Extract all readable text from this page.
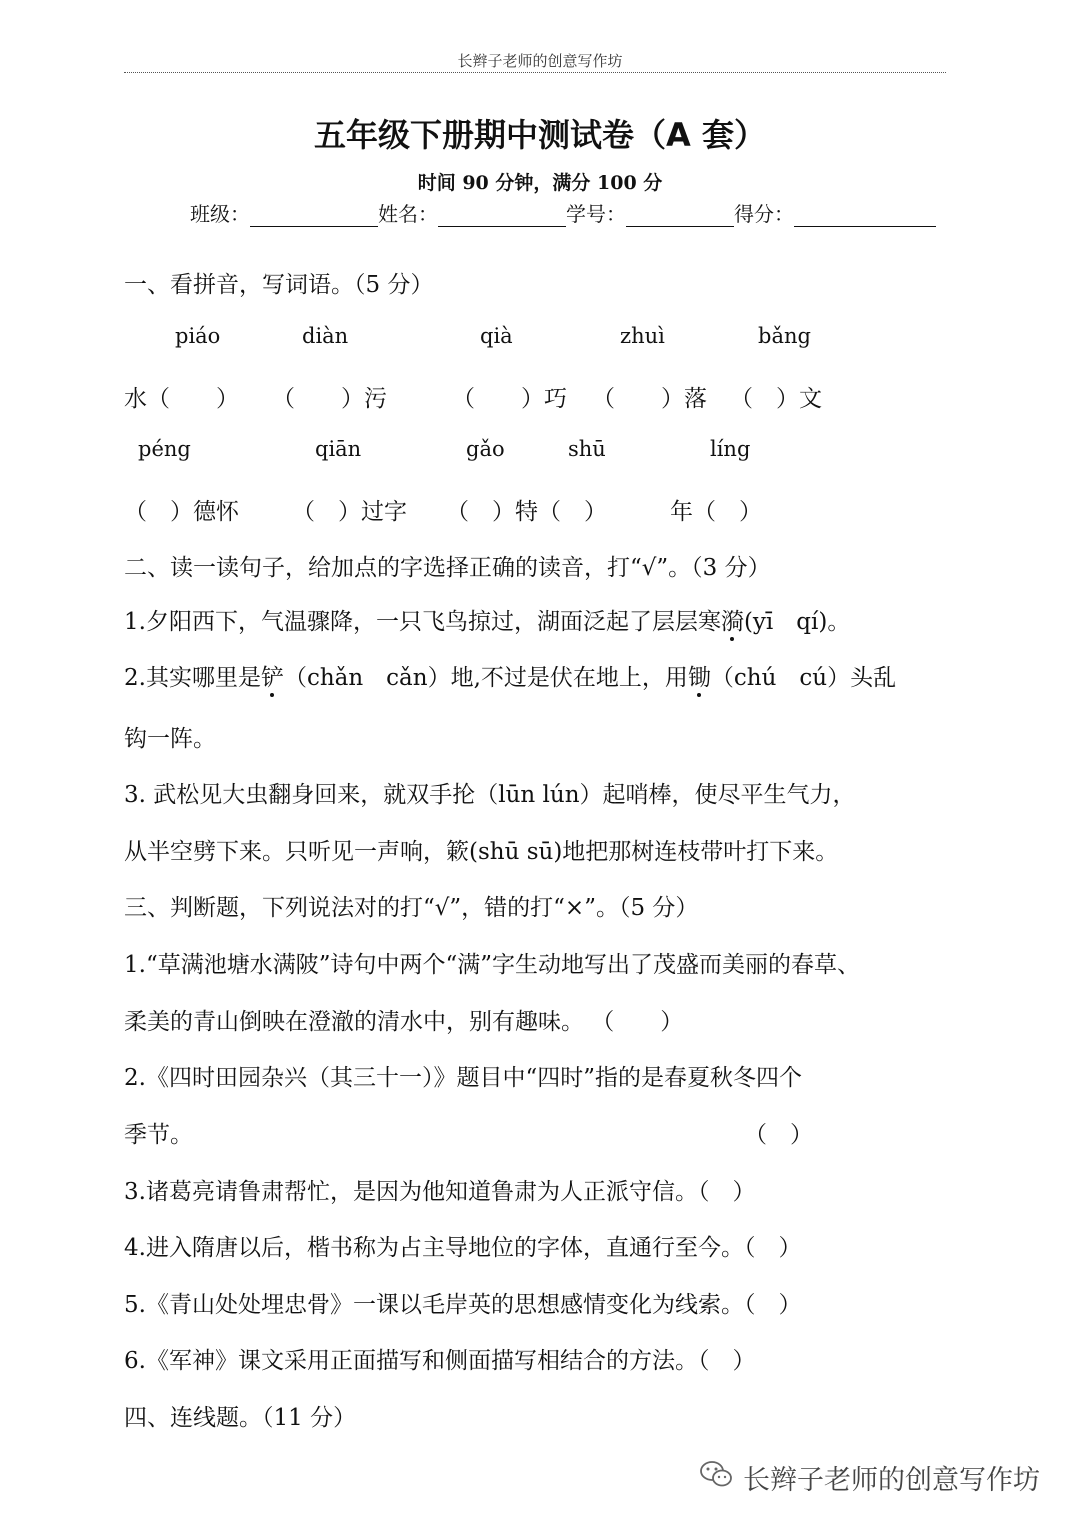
长辫子老师的创意写作坊
五年级下册期中测试卷（A 套）
时间 90 分钟，满分 100 分
班级：	姓名：	学号：	得分：
一、看拼音，写词语。（5 分）
piáo	diàn	qià	zhuì	bǎng
水（　　） （　　）污	（　　）巧 （　　）落 （　）文
péng	qiān	gǎo	shū	líng
（　）德怀 （　）过字 （　）特（　）	年（　）
二、读一读句子，给加点的字选择正确的读音，打“√”。（3 分）
1.夕阳西下，气温骤降，一只飞鸟掠过，湖面泛起了层层寒漪(yī　qí)。
2.其实哪里是铲（chǎn　cǎn）地,不过是伏在地上，用锄（chú　cú）头乱
钩一阵。
3. 武松见大虫翻身回来，就双手抡（lūn lún）起哨棒，使尽平生气力，
从半空劈下来。只听见一声响，簌(shū sū)地把那树连枝带叶打下来。
三、判断题，下列说法对的打“√”，错的打“×”。（5 分）
1.“草满池塘水满陂”诗句中两个“满”字生动地写出了茂盛而美丽的春草、
柔美的青山倒映在澄澈的清水中，别有趣味。 （　　）
2.《四时田园杂兴（其三十一）》题目中“四时”指的是春夏秋冬四个
季节。	（　）
3.诸葛亮请鲁肃帮忙，是因为他知道鲁肃为人正派守信。（　）
4.进入隋唐以后，楷书称为占主导地位的字体，直通行至今。（　）
5.《青山处处埋忠骨》一课以毛岸英的思想感情变化为线索。（　）
6.《军神》课文采用正面描写和侧面描写相结合的方法。（　）
四、连线题。（11 分）
长辫子老师的创意写作坊
